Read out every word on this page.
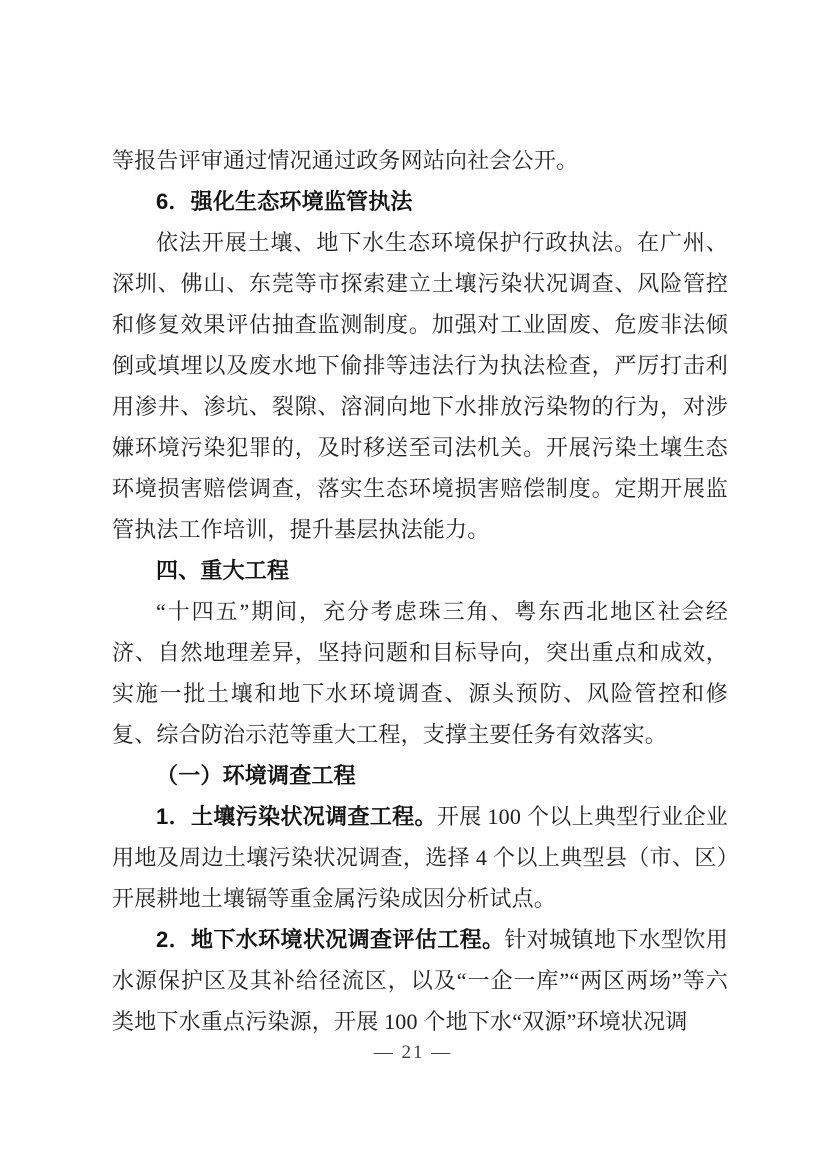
等报告评审通过情况通过政务网站向社会公开。

6．强化生态环境监管执法

依法开展土壤、地下水生态环境保护行政执法。在广州、深圳、佛山、东莞等市探索建立土壤污染状况调查、风险管控和修复效果评估抽查监测制度。加强对工业固废、危废非法倾倒或填埋以及废水地下偷排等违法行为执法检查，严厉打击利用渗井、渗坑、裂隙、溶洞向地下水排放污染物的行为，对涉嫌环境污染犯罪的，及时移送至司法机关。开展污染土壤生态环境损害赔偿调查，落实生态环境损害赔偿制度。定期开展监管执法工作培训，提升基层执法能力。

四、重大工程

“十四五”期间，充分考虑珠三角、粤东西北地区社会经济、自然地理差异，坚持问题和目标导向，突出重点和成效，实施一批土壤和地下水环境调查、源头预防、风险管控和修复、综合防治示范等重大工程，支撑主要任务有效落实。

（一）环境调查工程

1．土壤污染状况调查工程。开展 100 个以上典型行业企业用地及周边土壤污染状况调查，选择 4 个以上典型县（市、区）开展耕地土壤镉等重金属污染成因分析试点。

2．地下水环境状况调查评估工程。针对城镇地下水型饮用水源保护区及其补给径流区，以及“一企一库”“两区两场”等六类地下水重点污染源，开展 100 个地下水“双源”环境状况调

— 21 —
